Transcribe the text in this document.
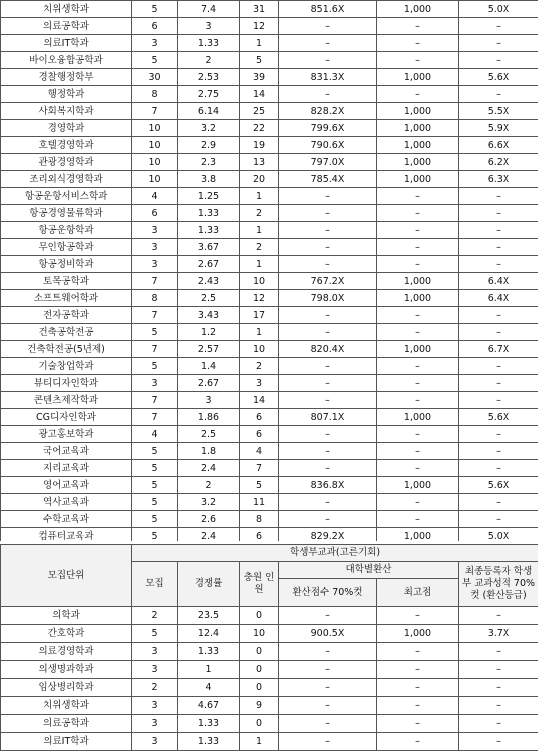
치위생학과	5	7.4	31	851.6X	1,000	5.0X
의료공학과	6	3	12	–	–	–
의료IT학과	3	1.33	1	–	–	–
바이오융합공학과	5	2	5	–	–	–
경찰행정학부	30	2.53	39	831.3X	1,000	5.6X
행정학과	8	2.75	14	–	–	–
사회복지학과	7	6.14	25	828.2X	1,000	5.5X
경영학과	10	3.2	22	799.6X	1,000	5.9X
호텔경영학과	10	2.9	19	790.6X	1,000	6.6X
관광경영학과	10	2.3	13	797.0X	1,000	6.2X
조리외식경영학과	10	3.8	20	785.4X	1,000	6.3X
항공운항서비스학과	4	1.25	1	–	–	–
항공경영물류학과	6	1.33	2	–	–	–
항공운항학과	3	1.33	1	–	–	–
무인항공학과	3	3.67	2	–	–	–
항공정비학과	3	2.67	1	–	–	–
토목공학과	7	2.43	10	767.2X	1,000	6.4X
소프트웨어학과	8	2.5	12	798.0X	1,000	6.4X
전자공학과	7	3.43	17	–	–	–
건축공학전공	5	1.2	1	–	–	–
건축학전공(5년제)	7	2.57	10	820.4X	1,000	6.7X
기술창업학과	5	1.4	2	–	–	–
뷰티디자인학과	3	2.67	3	–	–	–
콘텐츠제작학과	7	3	14	–	–	–
CG디자인학과	7	1.86	6	807.1X	1,000	5.6X
광고홍보학과	4	2.5	6	–	–	–
국어교육과	5	1.8	4	–	–	–
지리교육과	5	2.4	7	–	–	–
영어교육과	5	2	5	836.8X	1,000	5.6X
역사교육과	5	3.2	11	–	–	–
수학교육과	5	2.6	8	–	–	–
컴퓨터교육과	5	2.4	6	829.2X	1,000	5.0X
모집단위	학생부교과(고른기회)					
	모집	경쟁률	충원 인원	대학별환산		최종등록자 학생부 교과성적 70% 컷 (환산등급)
				환산점수 70%컷	최고점	

의학과	2	23.5	0	–	–	–
간호학과	5	12.4	10	900.5X	1,000	3.7X
의료경영학과	3	1.33	0	–	–	–
의생명과학과	3	1	0	–	–	–
임상병리학과	2	4	0	–	–	–
치위생학과	3	4.67	9	–	–	–
의료공학과	3	1.33	0	–	–	–
의료IT학과	3	1.33	1	–	–	–
